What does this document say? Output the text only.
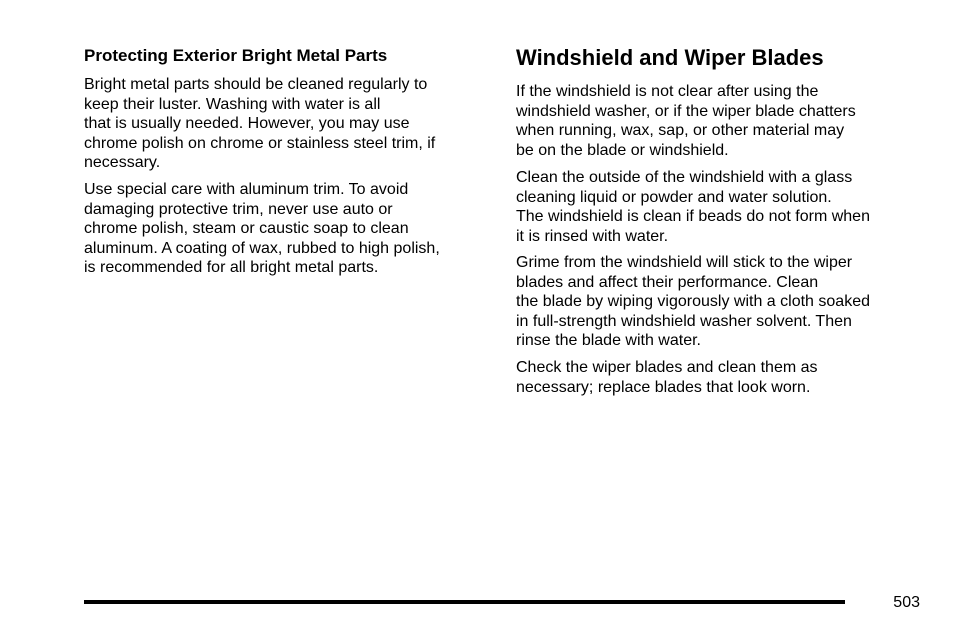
Protecting Exterior Bright Metal Parts

Bright metal parts should be cleaned regularly to
keep their luster. Washing with water is all
that is usually needed. However, you may use
chrome polish on chrome or stainless steel trim, if
necessary.

Use special care with aluminum trim. To avoid
damaging protective trim, never use auto or
chrome polish, steam or caustic soap to clean
aluminum. A coating of wax, rubbed to high polish,
is recommended for all bright metal parts.

Windshield and Wiper Blades

If the windshield is not clear after using the
windshield washer, or if the wiper blade chatters
when running, wax, sap, or other material may
be on the blade or windshield.

Clean the outside of the windshield with a glass
cleaning liquid or powder and water solution.
The windshield is clean if beads do not form when
it is rinsed with water.

Grime from the windshield will stick to the wiper
blades and affect their performance. Clean
the blade by wiping vigorously with a cloth soaked
in full-strength windshield washer solvent. Then
rinse the blade with water.

Check the wiper blades and clean them as
necessary; replace blades that look worn.

503
